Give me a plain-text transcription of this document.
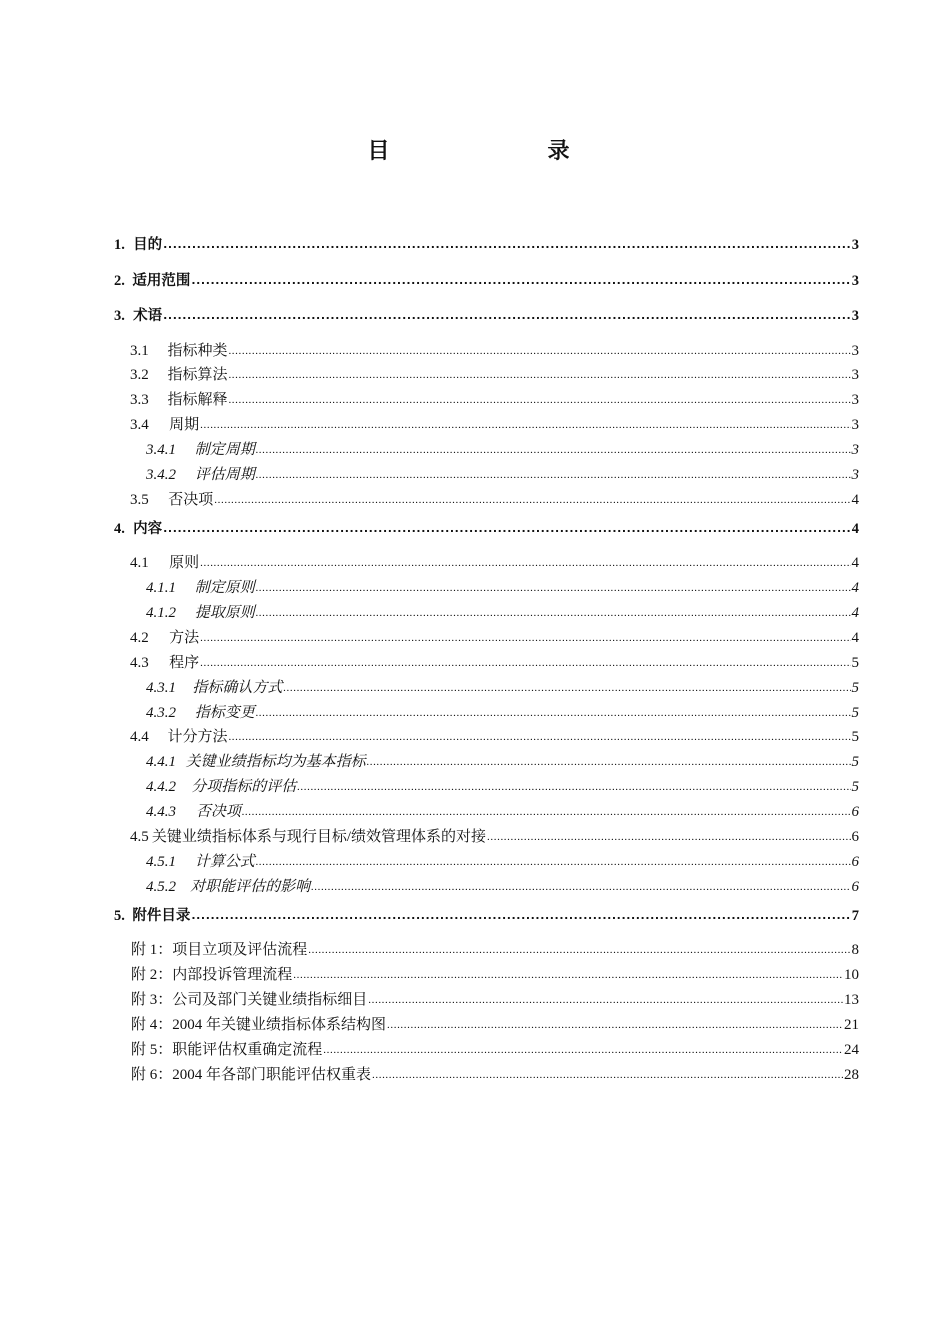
目　　录
1. 目的 .....	3
2. 适用范围 .....	3
3. 术语 .....	3
3.1	指标种类 .....	3
3.2	指标算法 .....	3
3.3	指标解释 .....	3
3.4	周期 .....	3
3.4.1	制定周期 .....	3
3.4.2	评估周期 .....	3
3.5	否决项 .....	4
4. 内容 .....	4
4.1	原则 .....	4
4.1.1	制定原则 .....	4
4.1.2	提取原则 .....	4
4.2	方法 .....	4
4.3	程序 .....	5
4.3.1	指标确认方式 .....	5
4.3.2	指标变更 .....	5
4.4	计分方法 .....	5
4.4.1 关键业绩指标均为基本指标 .....	5
4.4.2	分项指标的评估 .....	5
4.4.3	否决项 .....	6
4.5 关键业绩指标体系与现行目标/绩效管理体系的对接 .....	6
4.5.1	计算公式 .....	6
4.5.2 对职能评估的影响 .....	6
5. 附件目录 .....	7
附 1：项目立项及评估流程 .....	8
附 2：内部投诉管理流程 .....	10
附 3：公司及部门关键业绩指标细目 .....	13
附 4：2004 年关键业绩指标体系结构图 .....	21
附 5：职能评估权重确定流程 .....	24
附 6：2004 年各部门职能评估权重表 .....	28
